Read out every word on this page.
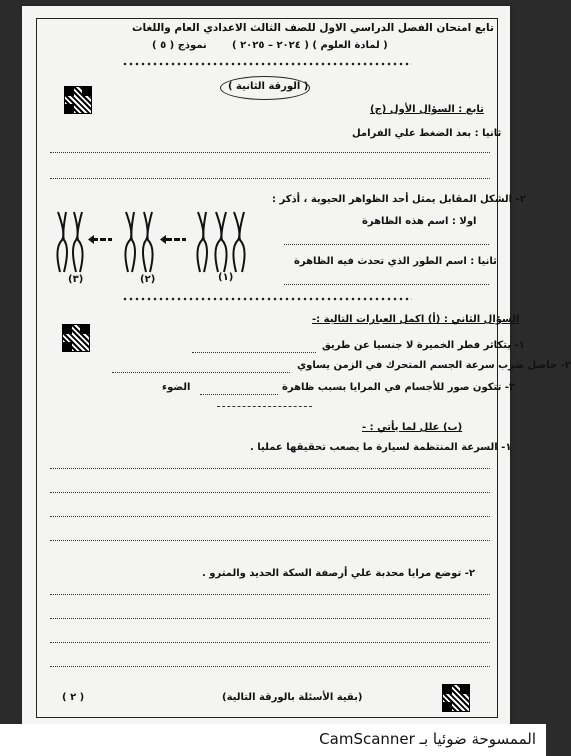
تابع امتحان الفصل الدراسي الاول للصف الثالث الاعدادي العام واللغات
( لمادة العلوم ) ( ٢٠٢٤ – ٢٠٢٥ )
نموذج ( ٥ )
( الورقة الثانية )
تابع : السؤال الأول (ج)
ثانيا : بعد الضغط علي الفرامل
٢- الشكل المقابل يمثل أحد الظواهر الحيوية ، أذكر :
اولا : اسم هذه الظاهرة
ثانيا : اسم الطور الذي تحدث فيه الظاهرة
(١)
(٢)
(٣)
السؤال الثاني : (أ) اكمل العبارات التالية :-
١- يتكاثر فطر الخميرة لا جنسيا عن طريق
٢- حاصل ضرب سرعة الجسم المتحرك في الزمن يساوي
٣- تتكون صور للأجسام في المرايا بسبب ظاهرة
الضوء
(ب) علل لما يأتي : -
١- السرعة المنتظمة لسيارة ما يصعب تحقيقها عمليا .
٢- توضع مرايا محدبة علي أرصفة السكة الحديد والمترو .
(بقية الأسئلة بالورقة التالية)
( ٢ )
الممسوحة ضوئيا بـ CamScanner
